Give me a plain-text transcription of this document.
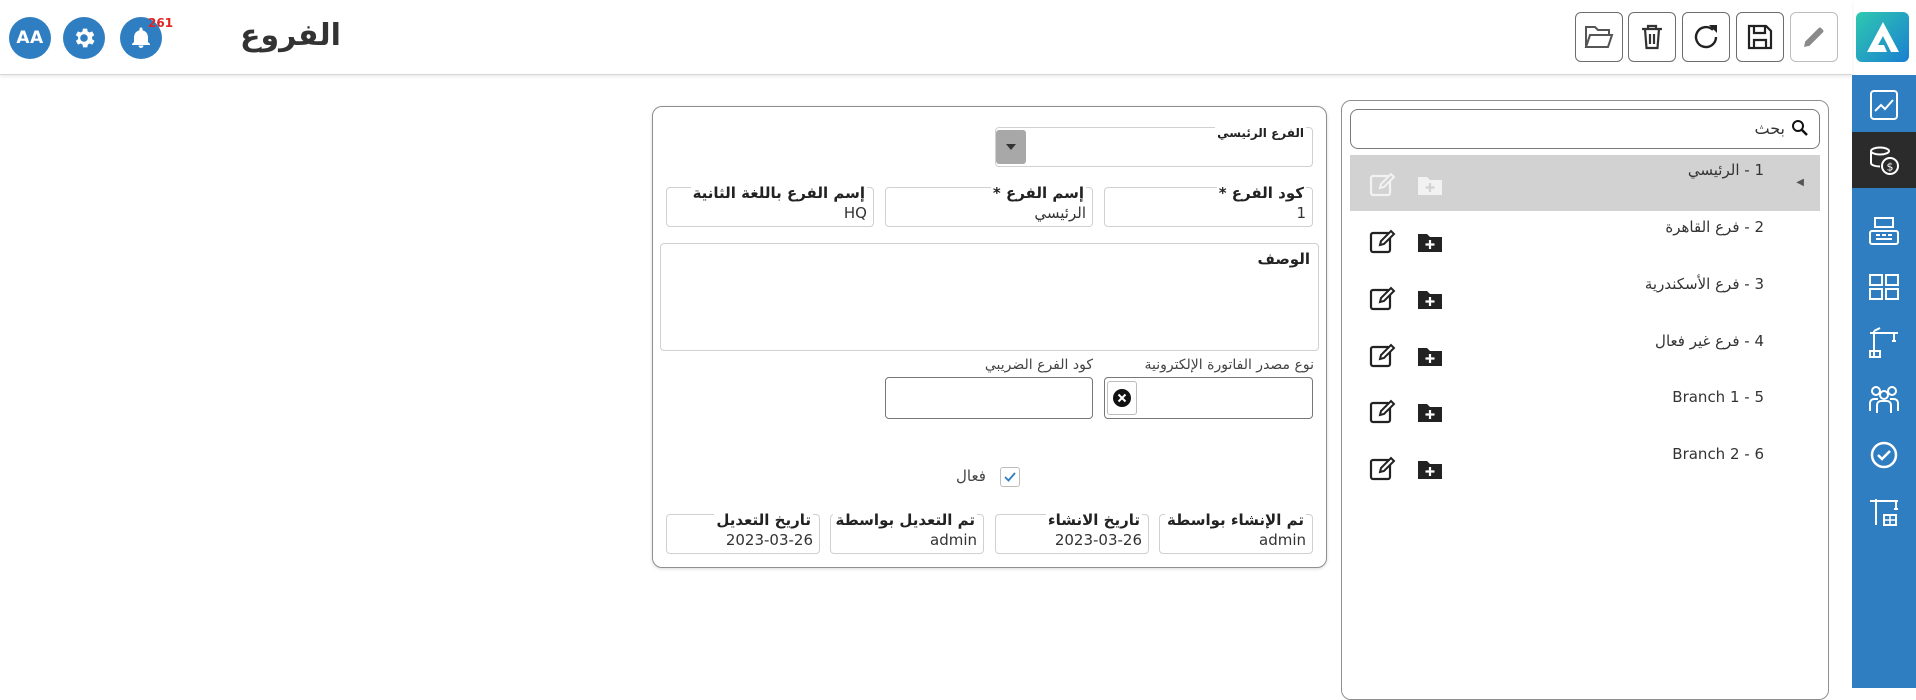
AA
261 الفروع
$
بحث
1 - الرئيسي
◀
2 - فرع القاهرة
3 - فرع الأسكندرية
4 - فرع غير فعال
Branch 1 - 5
Branch 2 - 6
الفرع الرئيسي
كود الفرع *
1
إسم الفرع *
الرئيسي
إسم الفرع باللغة الثانية
HQ
الوصف
نوع مصدر الفاتورة الإلكترونية
كود الفرع الضريبي
فعال
تم الإنشاء بواسطة
admin
تاريخ الانشاء
2023-03-26
تم التعديل بواسطة
admin
تاريخ التعديل
2023-03-26
